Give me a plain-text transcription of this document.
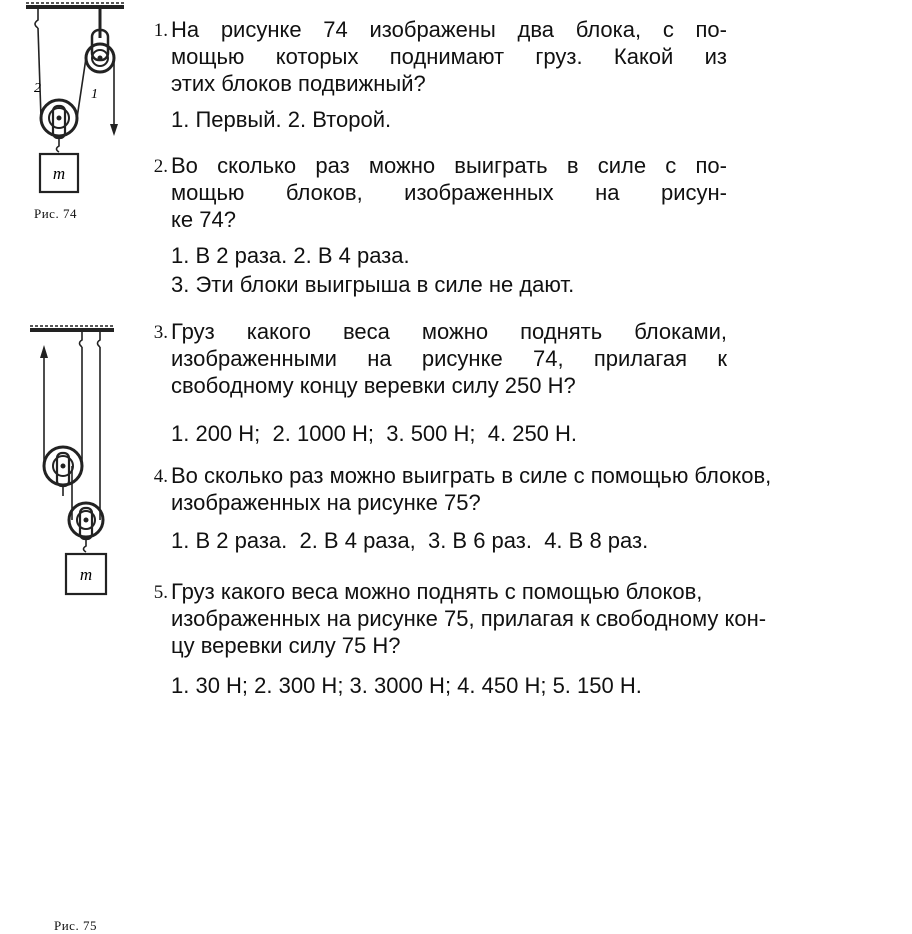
m
2	1
Рис. 74
m
Рис. 75
1. На рисунке 74 изображены два блока, с по-
мощью которых поднимают груз. Какой из
этих блоков подвижный?
1. Первый. 2. Второй.
2. Во сколько раз можно выиграть в силе с по-
мощью блоков, изображенных на рисун-
ке 74?
1. В 2 раза. 2. В 4 раза.
3. Эти блоки выигрыша в силе не дают.
3. Груз какого веса можно поднять блоками,
изображенными на рисунке 74, прилагая к
свободному концу веревки силу 250 Н?
1. 200 Н;  2. 1000 Н;  3. 500 Н;  4. 250 Н.
4. Во сколько раз можно выиграть в силе с помощью блоков,
изображенных на рисунке 75?
1. В 2 раза.  2. В 4 раза,  3. В 6 раз.  4. В 8 раз.
5. Груз какого веса можно поднять с помощью блоков,
изображенных на рисунке 75, прилагая к свободному кон-
цу веревки силу 75 Н?
1. 30 Н; 2. 300 Н; 3. 3000 Н; 4. 450 Н; 5. 150 Н.
